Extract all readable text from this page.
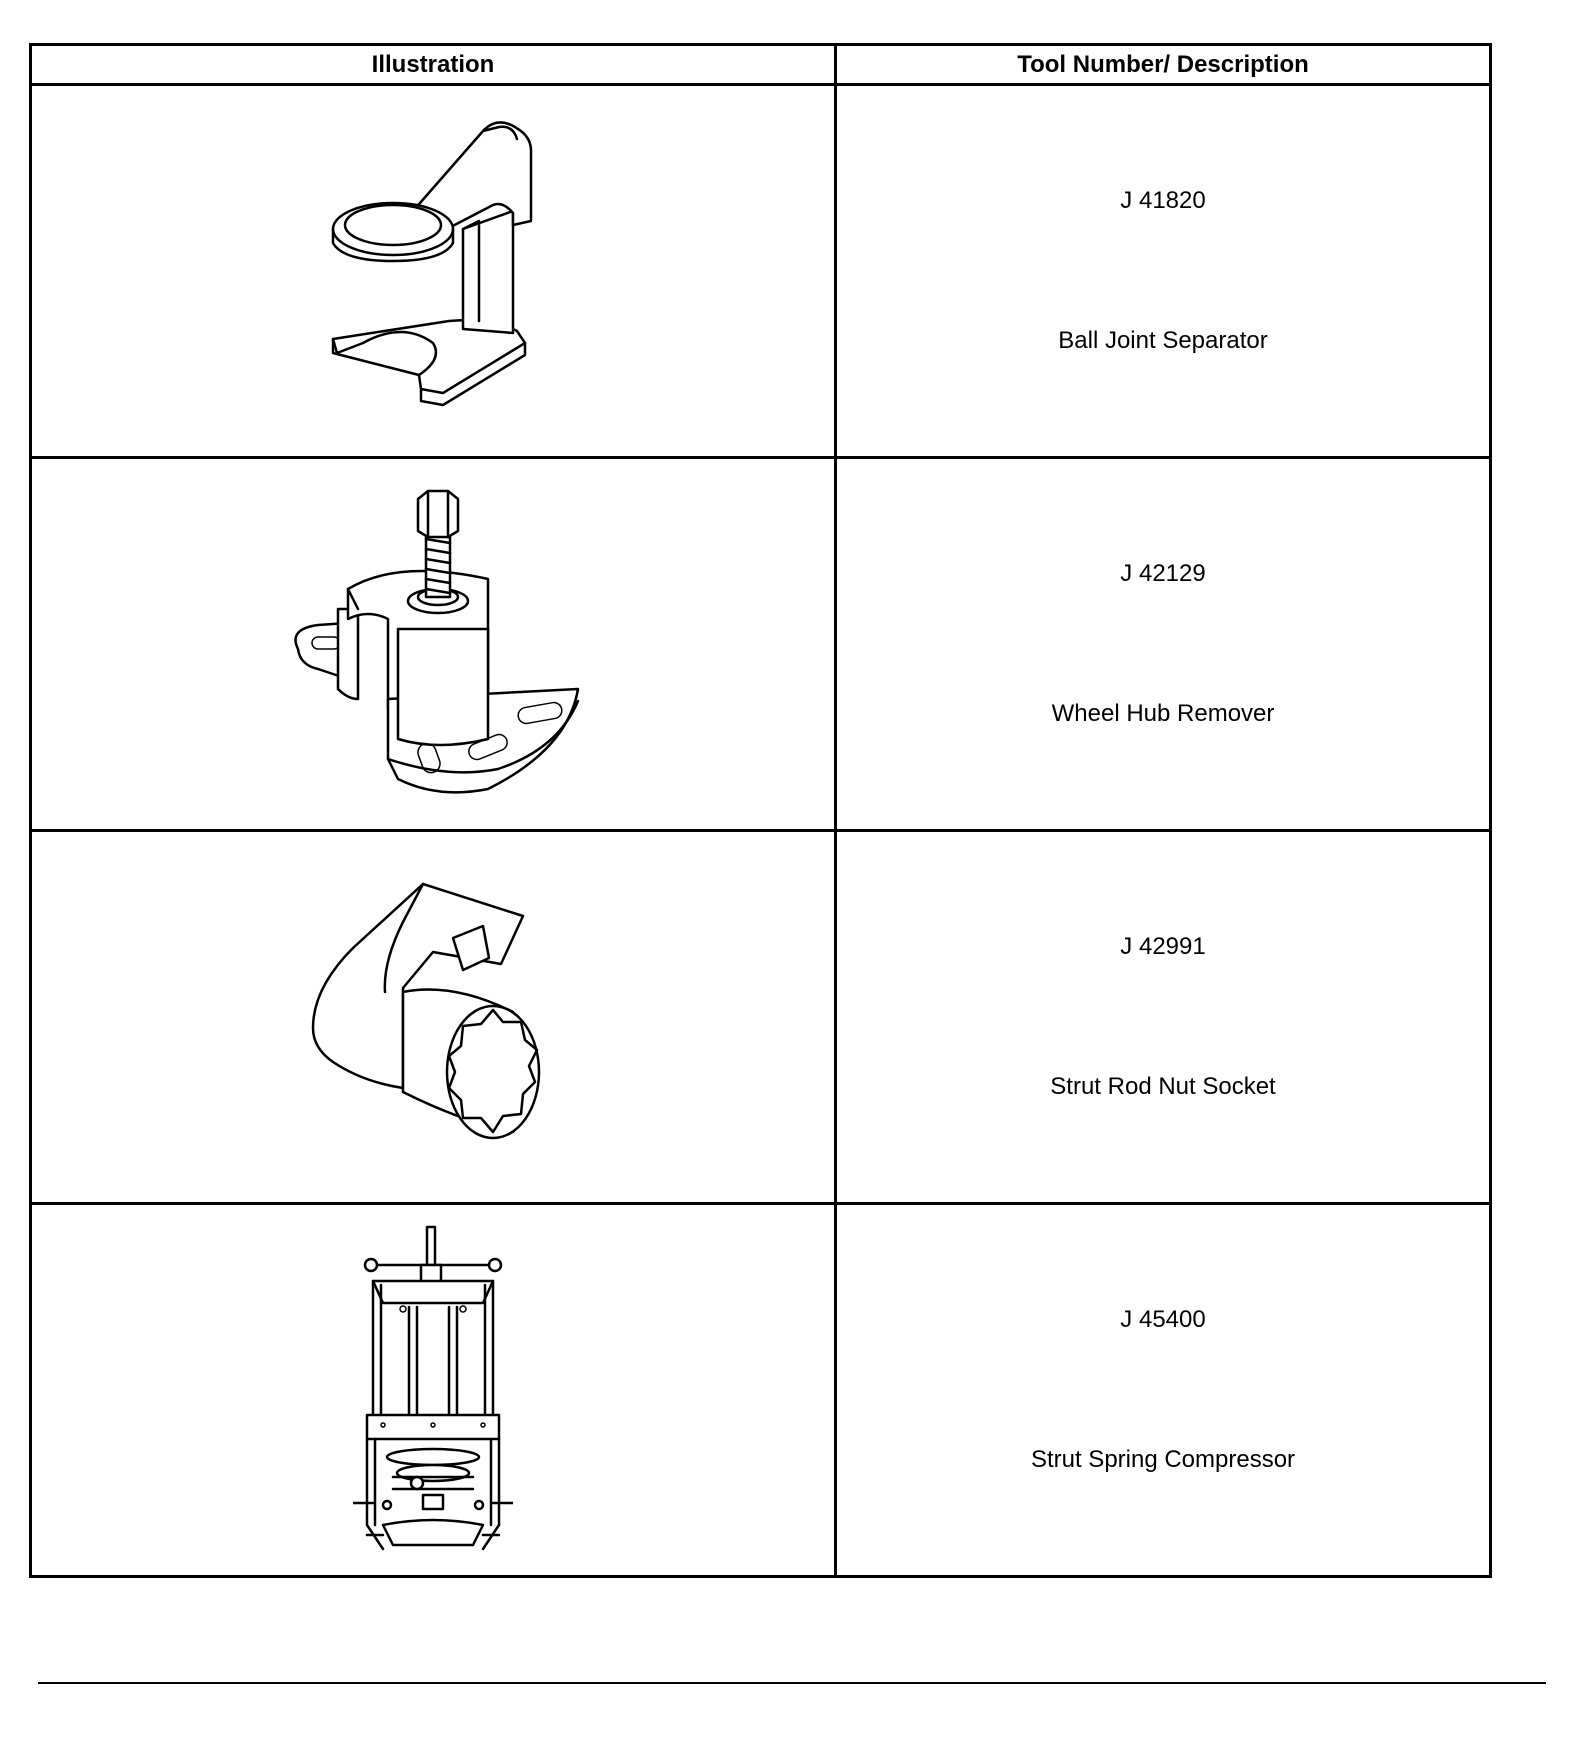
Illustration	Tool Number/ Description

J 41820
Ball Joint Separator

J 42129
Wheel Hub Remover

J 42991
Strut Rod Nut Socket

J 45400
Strut Spring Compressor
